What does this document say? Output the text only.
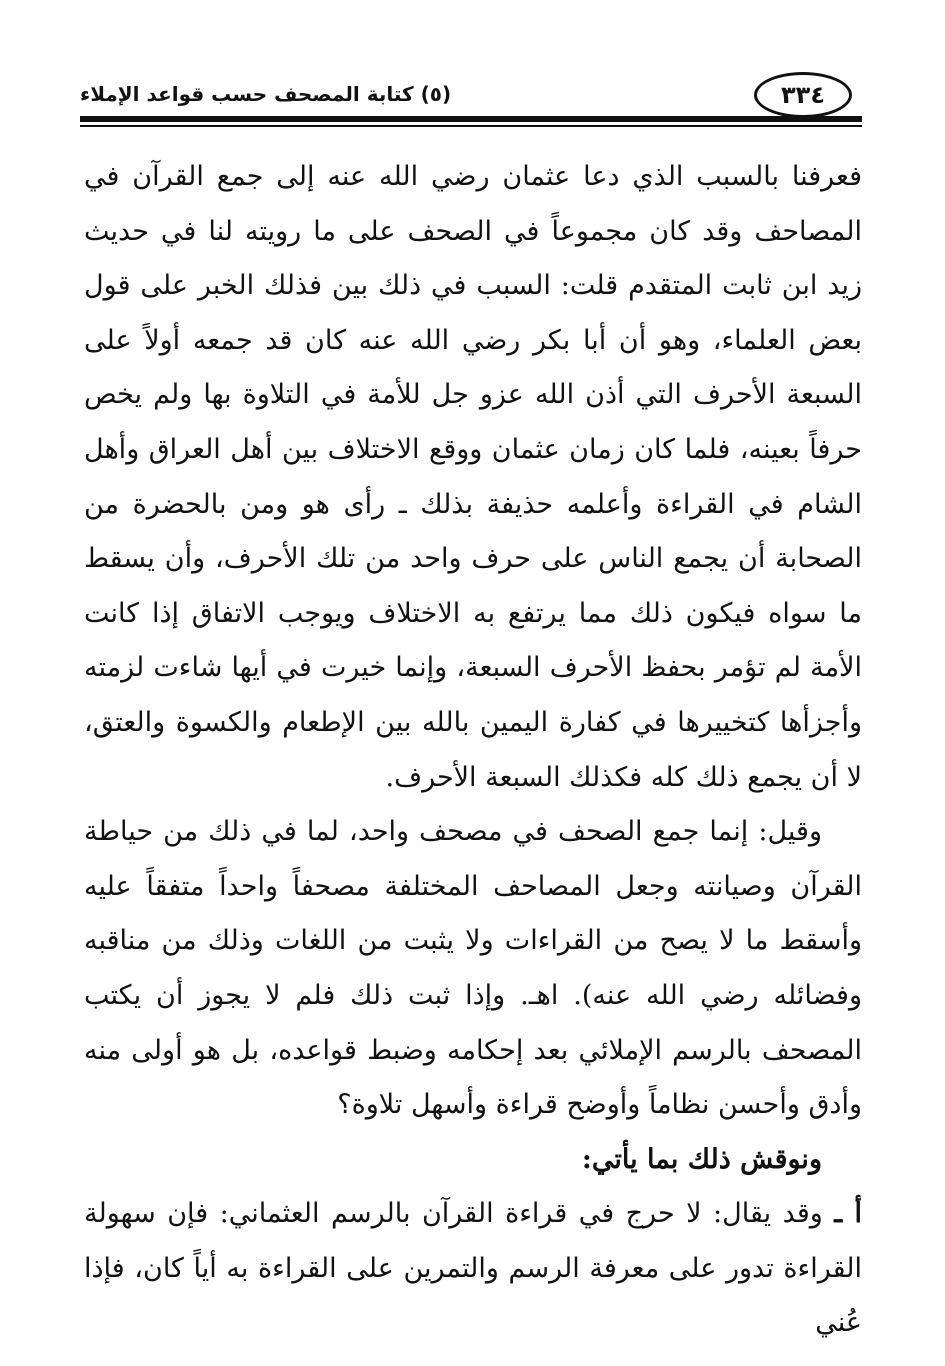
٣٣٤
(٥) كتابة المصحف حسب قواعد الإملاء

فعرفنا بالسبب الذي دعا عثمان رضي الله عنه إلى جمع القرآن في المصاحف وقد كان مجموعاً في الصحف على ما رويته لنا في حديث زيد ابن ثابت المتقدم قلت: السبب في ذلك بين فذلك الخبر على قول بعض العلماء، وهو أن أبا بكر رضي الله عنه كان قد جمعه أولاً على السبعة الأحرف التي أذن الله عزو جل للأمة في التلاوة بها ولم يخص حرفاً بعينه، فلما كان زمان عثمان ووقع الاختلاف بين أهل العراق وأهل الشام في القراءة وأعلمه حذيفة بذلك ـ رأى هو ومن بالحضرة من الصحابة أن يجمع الناس على حرف واحد من تلك الأحرف، وأن يسقط ما سواه فيكون ذلك مما يرتفع به الاختلاف ويوجب الاتفاق إذا كانت الأمة لم تؤمر بحفظ الأحرف السبعة، وإنما خيرت في أيها شاءت لزمته وأجزأها كتخييرها في كفارة اليمين بالله بين الإطعام والكسوة والعتق، لا أن يجمع ذلك كله فكذلك السبعة الأحرف.

وقيل: إنما جمع الصحف في مصحف واحد، لما في ذلك من حياطة القرآن وصيانته وجعل المصاحف المختلفة مصحفاً واحداً متفقاً عليه وأسقط ما لا يصح من القراءات ولا يثبت من اللغات وذلك من مناقبه وفضائله رضي الله عنه). اهـ. وإذا ثبت ذلك فلم لا يجوز أن يكتب المصحف بالرسم الإملائي بعد إحكامه وضبط قواعده، بل هو أولى منه وأدق وأحسن نظاماً وأوضح قراءة وأسهل تلاوة؟

ونوقش ذلك بما يأتي:

أ ـ وقد يقال: لا حرج في قراءة القرآن بالرسم العثماني: فإن سهولة القراءة تدور على معرفة الرسم والتمرين على القراءة به أياً كان، فإذا عُني
